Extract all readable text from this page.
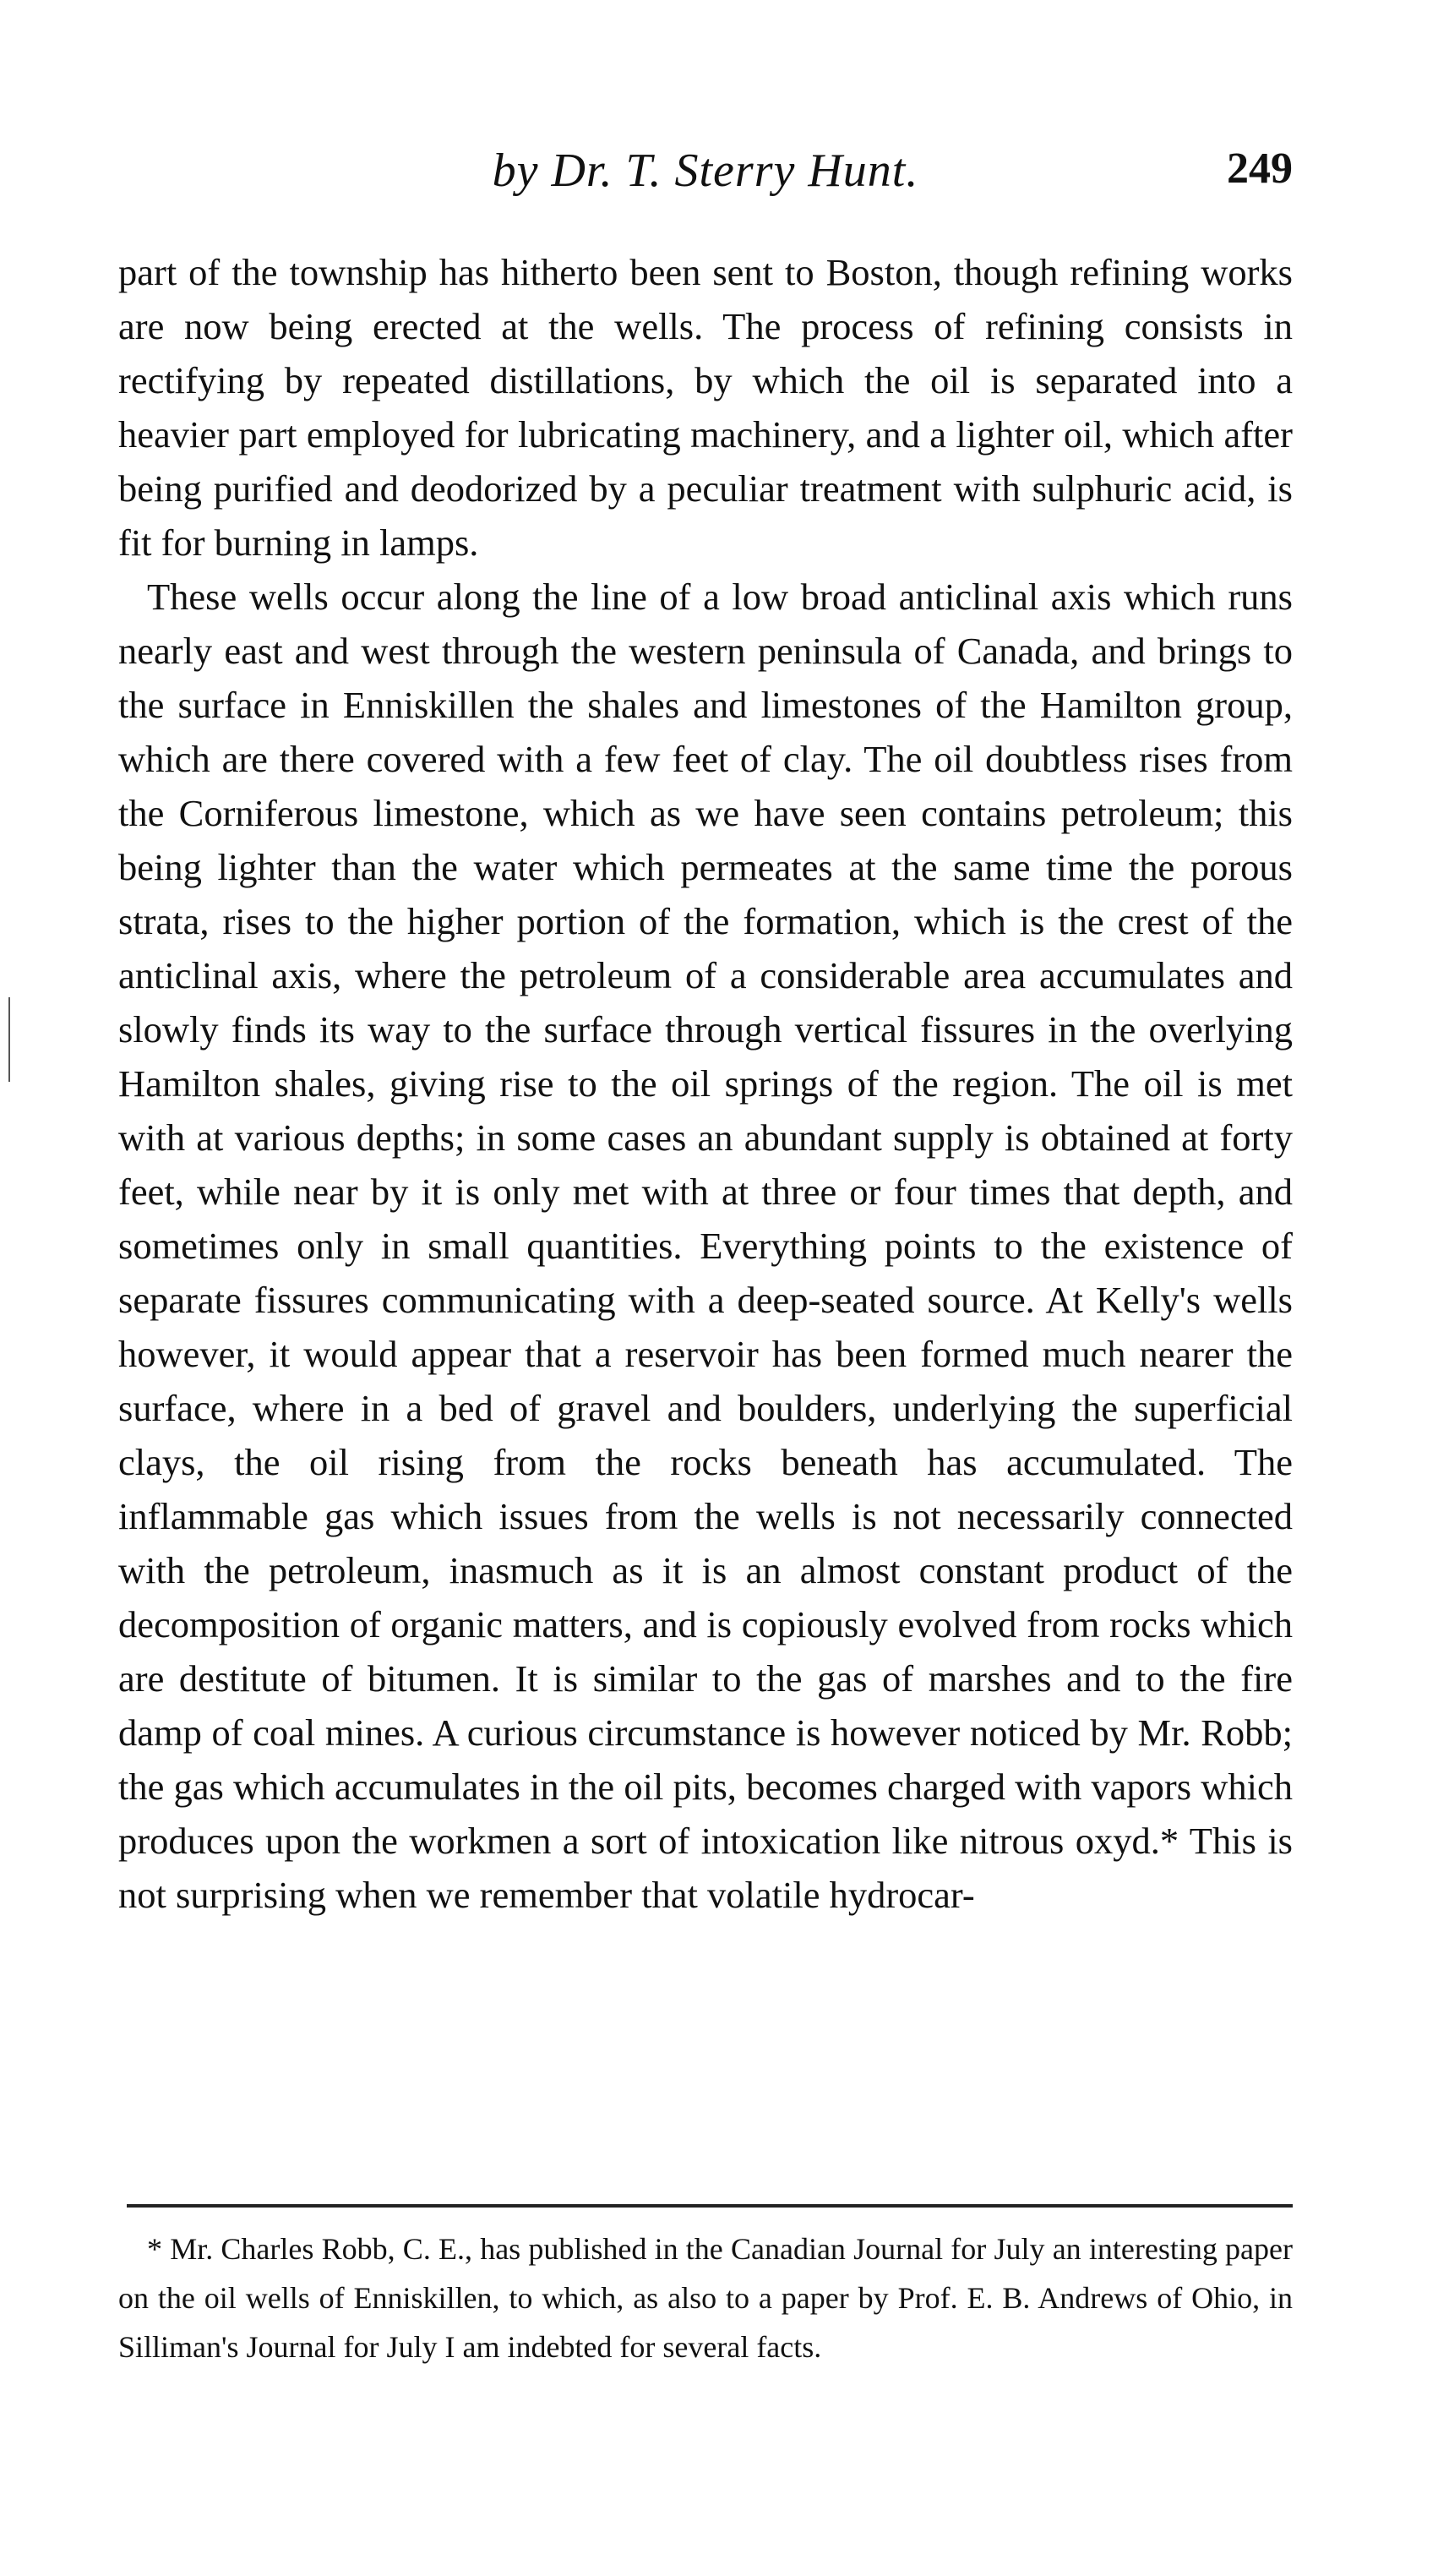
by Dr. T. Sterry Hunt.	249

part of the township has hitherto been sent to Boston, though refining works are now being erected at the wells. The process of refining consists in rectifying by repeated distillations, by which the oil is separated into a heavier part employed for lubricating machinery, and a lighter oil, which after being purified and deodorized by a peculiar treatment with sulphuric acid, is fit for burning in lamps.

These wells occur along the line of a low broad anticlinal axis which runs nearly east and west through the western peninsula of Canada, and brings to the surface in Enniskillen the shales and limestones of the Hamilton group, which are there covered with a few feet of clay. The oil doubtless rises from the Corniferous limestone, which as we have seen contains petroleum; this being lighter than the water which permeates at the same time the porous strata, rises to the higher portion of the formation, which is the crest of the anticlinal axis, where the petroleum of a considerable area accumulates and slowly finds its way to the surface through vertical fissures in the overlying Hamilton shales, giving rise to the oil springs of the region. The oil is met with at various depths; in some cases an abundant supply is obtained at forty feet, while near by it is only met with at three or four times that depth, and sometimes only in small quantities. Everything points to the existence of separate fissures communicating with a deep-seated source. At Kelly's wells however, it would appear that a reservoir has been formed much nearer the surface, where in a bed of gravel and boulders, underlying the superficial clays, the oil rising from the rocks beneath has accumulated. The inflammable gas which issues from the wells is not necessarily connected with the petroleum, inasmuch as it is an almost constant product of the decomposition of organic matters, and is copiously evolved from rocks which are destitute of bitumen. It is similar to the gas of marshes and to the fire damp of coal mines. A curious circumstance is however noticed by Mr. Robb; the gas which accumulates in the oil pits, becomes charged with vapors which produces upon the workmen a sort of intoxication like nitrous oxyd.* This is not surprising when we remember that volatile hydrocar-

* Mr. Charles Robb, C. E., has published in the Canadian Journal for July an interesting paper on the oil wells of Enniskillen, to which, as also to a paper by Prof. E. B. Andrews of Ohio, in Silliman's Journal for July I am indebted for several facts.
